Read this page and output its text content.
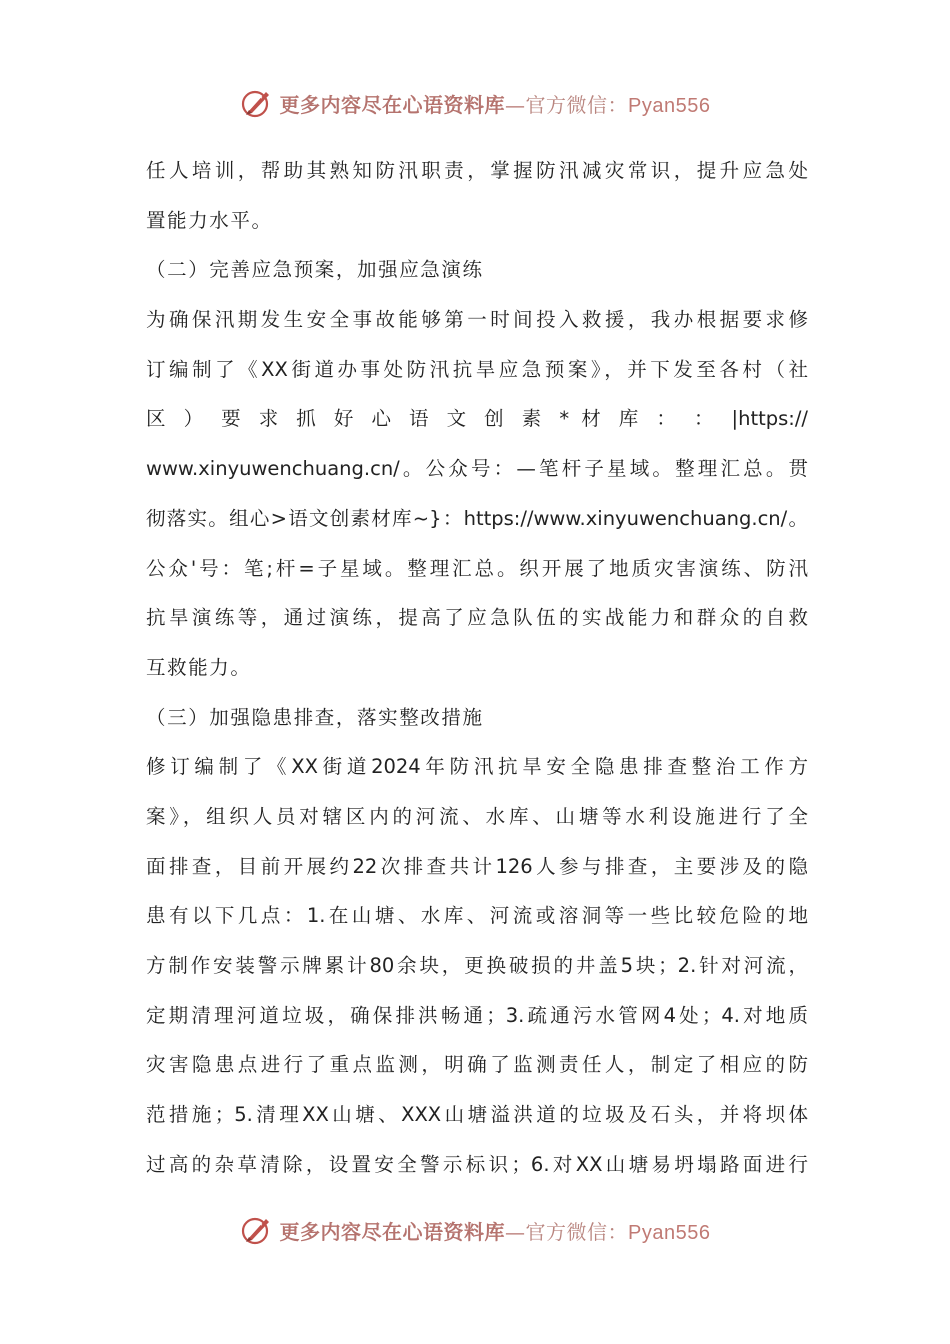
更多内容尽在心语资料库—官方微信：Pyan556
任人培训，帮助其熟知防汛职责，掌握防汛减灾常识，提升应急处
置能力水平。
（二）完善应急预案，加强应急演练
为确保汛期发生安全事故能够第一时间投入救援，我办根据要求修
订编制了《XX街道办事处防汛抗旱应急预案》，并下发至各村（社
区 ） 要 求 抓 好 心 语 文 创 素 * 材 库 ： ： |https://
www.xinyuwenchuang.cn/。公众号：—笔杆子星域。整理汇总。贯
彻落实。组心>语文创素材库~}：https://www.xinyuwenchuang.cn/。
公众'号：笔;杆=子星域。整理汇总。织开展了地质灾害演练、防汛
抗旱演练等，通过演练，提高了应急队伍的实战能力和群众的自救
互救能力。
（三）加强隐患排查，落实整改措施
修订编制了《XX街道2024年防汛抗旱安全隐患排查整治工作方
案》，组织人员对辖区内的河流、水库、山塘等水利设施进行了全
面排查，目前开展约22次排查共计126人参与排查，主要涉及的隐
患有以下几点：1.在山塘、水库、河流或溶洞等一些比较危险的地
方制作安装警示牌累计80余块，更换破损的井盖5块；2.针对河流，
定期清理河道垃圾，确保排洪畅通；3.疏通污水管网4处；4.对地质
灾害隐患点进行了重点监测，明确了监测责任人，制定了相应的防
范措施；5.清理XX山塘、XXX山塘溢洪道的垃圾及石头，并将坝体
过高的杂草清除，设置安全警示标识；6.对XX山塘易坍塌路面进行
更多内容尽在心语资料库—官方微信：Pyan556
